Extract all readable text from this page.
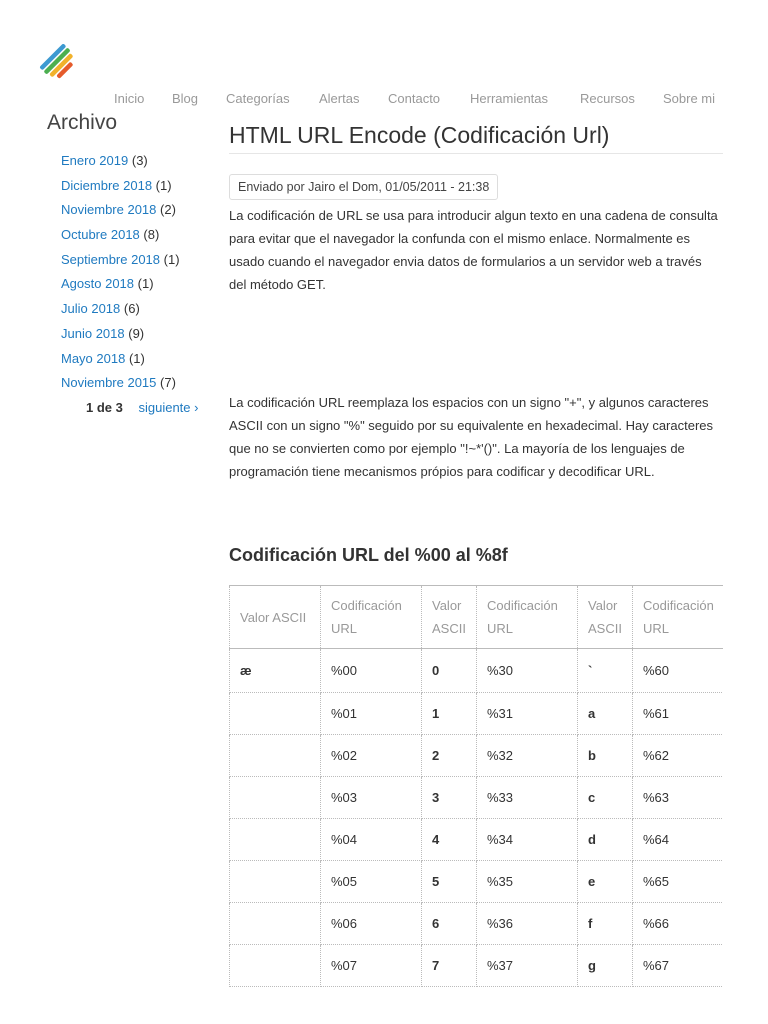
Inicio Blog Categorías Alertas Contacto Herramientas Recursos Sobre mi
Archivo
Enero 2019 (3)
Diciembre 2018 (1)
Noviembre 2018 (2)
Octubre 2018 (8)
Septiembre 2018 (1)
Agosto 2018 (1)
Julio 2018 (6)
Junio 2018 (9)
Mayo 2018 (1)
Noviembre 2015 (7)
1 de 3 siguiente ›
HTML URL Encode (Codificación Url)
Enviado por Jairo el Dom, 01/05/2011 - 21:38

La codificación de URL se usa para introducir algun texto en una cadena de consulta
para evitar que el navegador la confunda con el mismo enlace. Normalmente es usado cuando el navegador envia datos de formularios a un servidor web a través
del método GET.

La codificación URL reemplaza los espacios con un signo "+", y algunos caracteres
ASCII con un signo "%" seguido por su equivalente en hexadecimal. Hay caracteres
que no se convierten como por ejemplo "!~*'()". La mayoría de los lenguajes de programación tiene mecanismos própios para codificar y decodificar URL.

Codificación URL del %00 al %8f
Valor ASCII	Codificación URL	Valor ASCII	Codificación URL	Valor ASCII	Codificación URL
æ	%00	0	%30	`	%60
	%01	1	%31	a	%61
	%02	2	%32	b	%62
	%03	3	%33	c	%63
	%04	4	%34	d	%64
	%05	5	%35	e	%65
	%06	6	%36	f	%66
	%07	7	%37	g	%67
